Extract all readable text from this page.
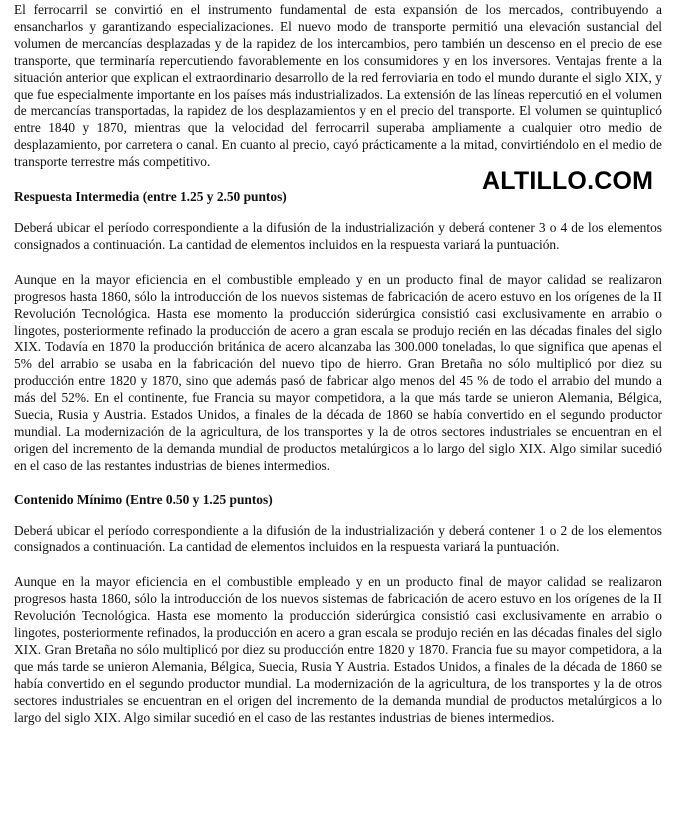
El ferrocarril se convirtió en el instrumento fundamental de esta expansión de los mercados, contribuyendo a ensancharlos y garantizando especializaciones. El nuevo modo de transporte permitió una elevación sustancial del volumen de mercancías desplazadas y de la rapidez de los intercambios, pero también un descenso en el precio de ese transporte, que terminaría repercutiendo favorablemente en los consumidores y en los inversores. Ventajas frente a la situación anterior que explican el extraordinario desarrollo de la red ferroviaria en todo el mundo durante el siglo XIX, y que fue especialmente importante en los países más industrializados. La extensión de las líneas repercutió en el volumen de mercancías transportadas, la rapidez de los desplazamientos y en el precio del transporte. El volumen se quintuplicó entre 1840 y 1870, mientras que la velocidad del ferrocarril superaba ampliamente a cualquier otro medio de desplazamiento, por carretera o canal. En cuanto al precio, cayó prácticamente a la mitad, convirtiéndolo en el medio de transporte terrestre más competitivo.

Respuesta Intermedia (entre 1.25 y 2.50 puntos)

Deberá ubicar el período correspondiente a la difusión de la industrialización y deberá contener 3 o 4 de los elementos consignados a continuación. La cantidad de elementos incluidos en la respuesta variará la puntuación.

Aunque en la mayor eficiencia en el combustible empleado y en un producto final de mayor calidad se realizaron progresos hasta 1860, sólo la introducción de los nuevos sistemas de fabricación de acero estuvo en los orígenes de la II Revolución Tecnológica. Hasta ese momento la producción siderúrgica consistió casi exclusivamente en arrabio o lingotes, posteriormente refinado la producción de acero a gran escala se produjo recién en las décadas finales del siglo XIX. Todavía en 1870 la producción británica de acero alcanzaba las 300.000 toneladas, lo que significa que apenas el 5% del arrabio se usaba en la fabricación del nuevo tipo de hierro. Gran Bretaña no sólo multiplicó por diez su producción entre 1820 y 1870, sino que además pasó de fabricar algo menos del 45 % de todo el arrabio del mundo a más del 52%. En el continente, fue Francia su mayor competidora, a la que más tarde se unieron Alemania, Bélgica, Suecia, Rusia y Austria. Estados Unidos, a finales de la década de 1860 se había convertido en el segundo productor mundial. La modernización de la agricultura, de los transportes y la de otros sectores industriales se encuentran en el origen del incremento de la demanda mundial de productos metalúrgicos a lo largo del siglo XIX. Algo similar sucedió en el caso de las restantes industrias de bienes intermedios.

Contenido Mínimo (Entre 0.50 y 1.25 puntos)

Deberá ubicar el período correspondiente a la difusión de la industrialización y deberá contener 1 o 2 de los elementos consignados a continuación. La cantidad de elementos incluidos en la respuesta variará la puntuación.

Aunque en la mayor eficiencia en el combustible empleado y en un producto final de mayor calidad se realizaron progresos hasta 1860, sólo la introducción de los nuevos sistemas de fabricación de acero estuvo en los orígenes de la II Revolución Tecnológica. Hasta ese momento la producción siderúrgica consistió casi exclusivamente en arrabio o lingotes, posteriormente refinados, la producción en acero a gran escala se produjo recién en las décadas finales del siglo XIX. Gran Bretaña no sólo multiplicó por diez su producción entre 1820 y 1870. Francia fue su mayor competidora, a la que más tarde se unieron Alemania, Bélgica, Suecia, Rusia Y Austria. Estados Unidos, a finales de la década de 1860 se había convertido en el segundo productor mundial. La modernización de la agricultura, de los transportes y la de otros sectores industriales se encuentran en el origen del incremento de la demanda mundial de productos metalúrgicos a lo largo del siglo XIX. Algo similar sucedió en el caso de las restantes industrias de bienes intermedios.

ALTILLO.COM
